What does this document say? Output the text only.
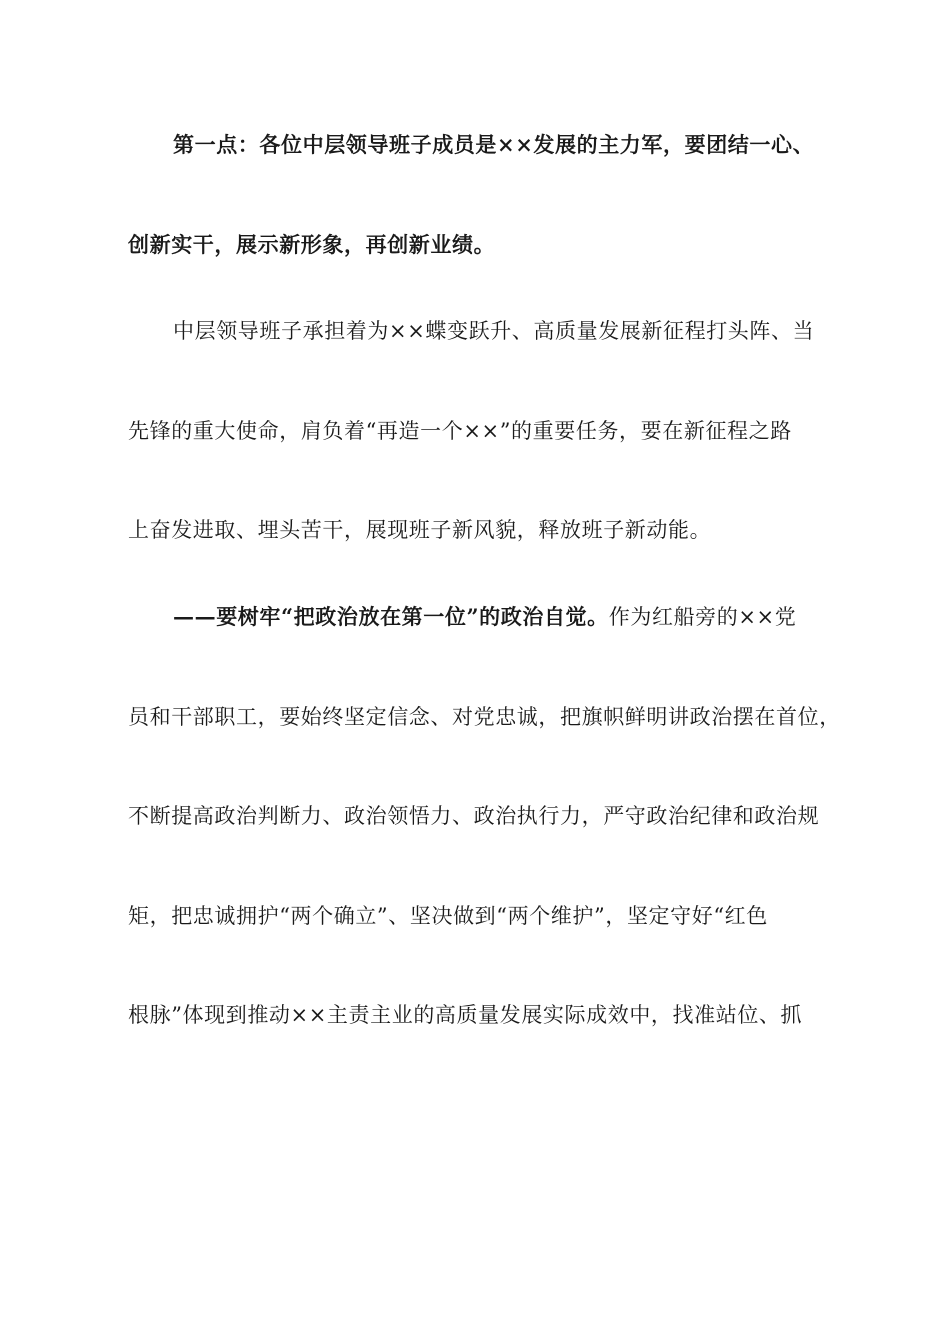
第一点：各位中层领导班子成员是××发展的主力军，要团结一心、
创新实干，展示新形象，再创新业绩。
中层领导班子承担着为××蝶变跃升、高质量发展新征程打头阵、当
先锋的重大使命，肩负着“再造一个××”的重要任务，要在新征程之路
上奋发进取、埋头苦干，展现班子新风貌，释放班子新动能。
——要树牢“把政治放在第一位”的政治自觉。作为红船旁的××党
员和干部职工，要始终坚定信念、对党忠诚，把旗帜鲜明讲政治摆在首位，
不断提高政治判断力、政治领悟力、政治执行力，严守政治纪律和政治规
矩，把忠诚拥护“两个确立”、坚决做到“两个维护”，坚定守好“红色
根脉”体现到推动××主责主业的高质量发展实际成效中，找准站位、抓
